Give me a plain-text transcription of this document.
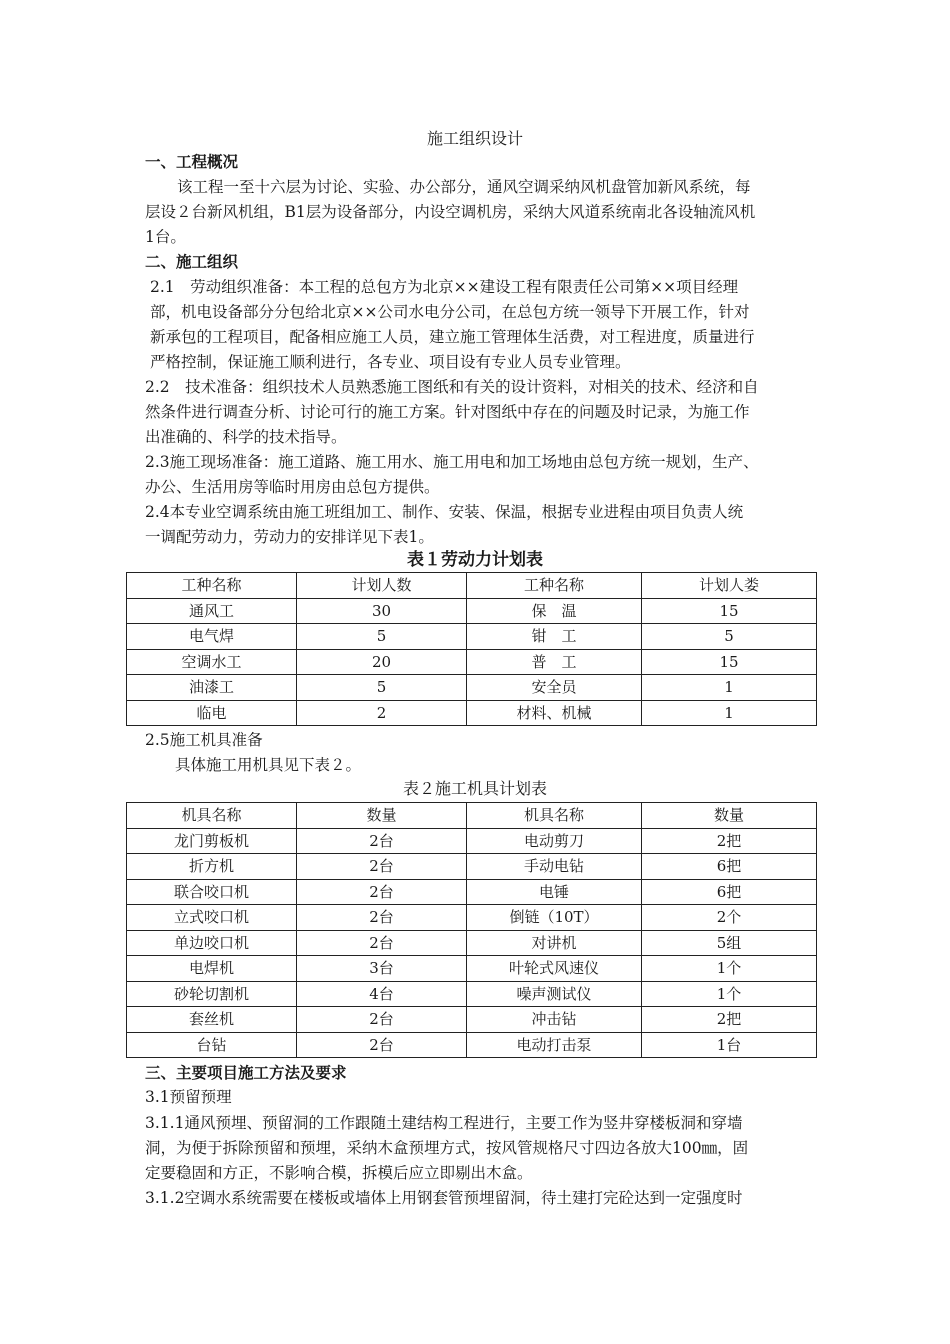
施工组织设计
一、工程概况
该工程一至十六层为讨论、实验、办公部分，通风空调采纳风机盘管加新风系统，每
层设２台新风机组，B1层为设备部分，内设空调机房，采纳大风道系统南北各设轴流风机
1台。
二、施工组织
2.1　劳动组织准备：本工程的总包方为北京××建设工程有限责任公司第××项目经理
部，机电设备部分分包给北京××公司水电分公司，在总包方统一领导下开展工作，针对
新承包的工程项目，配备相应施工人员，建立施工管理体生活费，对工程进度，质量进行
严格控制，保证施工顺利进行，各专业、项目设有专业人员专业管理。
2.2　技术准备：组织技术人员熟悉施工图纸和有关的设计资料，对相关的技术、经济和自
然条件进行调查分析、讨论可行的施工方案。针对图纸中存在的问题及时记录，为施工作
出准确的、科学的技术指导。
2.3施工现场准备：施工道路、施工用水、施工用电和加工场地由总包方统一规划，生产、
办公、生活用房等临时用房由总包方提供。
2.4本专业空调系统由施工班组加工、制作、安装、保温，根据专业进程由项目负责人统
一调配劳动力，劳动力的安排详见下表1。
表１劳动力计划表
工种名称	计划人数	工种名称	计划人娄
通风工	30	保　温	15
电气焊	5	钳　工	5
空调水工	20	普　工	15
油漆工	5	安全员	1
临电	2	材料、机械	1
2.5施工机具准备
具体施工用机具见下表２。
表２施工机具计划表
机具名称	数量	机具名称	数量
龙门剪板机	2台	电动剪刀	2把
折方机	2台	手动电钻	6把
联合咬口机	2台	电锤	6把
立式咬口机	2台	倒链（10T）	2个
单边咬口机	2台	对讲机	5组
电焊机	3台	叶轮式风速仪	1个
砂轮切割机	4台	噪声测试仪	1个
套丝机	2台	冲击钻	2把
台钻	2台	电动打击泵	1台
三、主要项目施工方法及要求
3.1预留预理
3.1.1通风预埋、预留洞的工作跟随土建结构工程进行，主要工作为竖井穿楼板洞和穿墙
洞，为便于拆除预留和预埋，采纳木盒预埋方式，按风管规格尺寸四边各放大100㎜，固
定要稳固和方正，不影响合模，拆模后应立即剔出木盒。
3.1.2空调水系统需要在楼板或墙体上用钢套管预埋留洞，待土建打完砼达到一定强度时
